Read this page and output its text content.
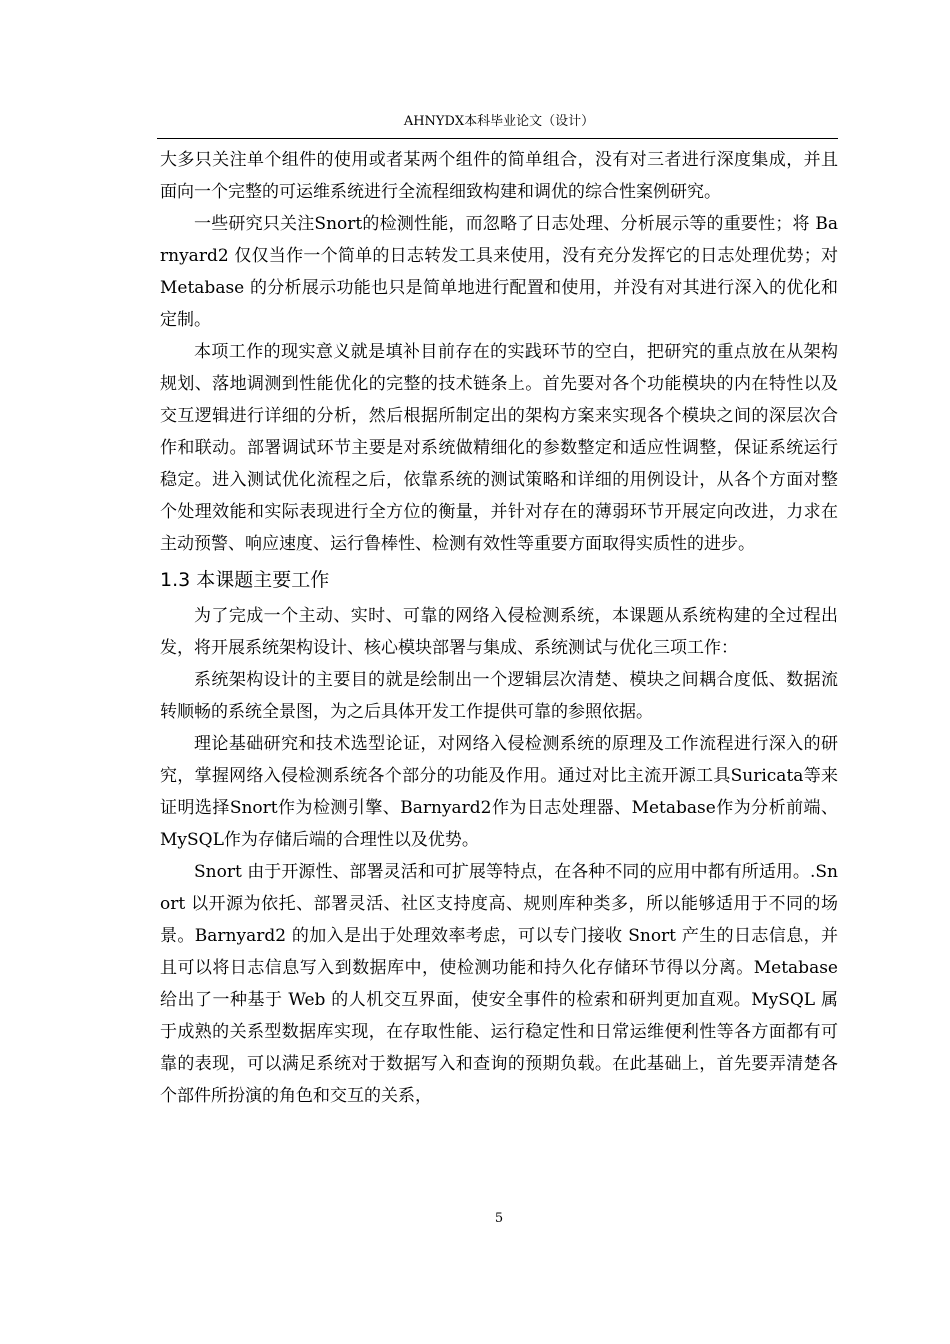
AHNYDX本科毕业论文（设计）

大多只关注单个组件的使用或者某两个组件的简单组合，没有对三者进行深度集成，并且面向一个完整的可运维系统进行全流程细致构建和调优的综合性案例研究。

一些研究只关注Snort的检测性能，而忽略了日志处理、分析展示等的重要性；将 Barnyard2 仅仅当作一个简单的日志转发工具来使用，没有充分发挥它的日志处理优势；对 Metabase 的分析展示功能也只是简单地进行配置和使用，并没有对其进行深入的优化和定制。

本项工作的现实意义就是填补目前存在的实践环节的空白，把研究的重点放在从架构规划、落地调测到性能优化的完整的技术链条上。首先要对各个功能模块的内在特性以及交互逻辑进行详细的分析，然后根据所制定出的架构方案来实现各个模块之间的深层次合作和联动。部署调试环节主要是对系统做精细化的参数整定和适应性调整，保证系统运行稳定。进入测试优化流程之后，依靠系统的测试策略和详细的用例设计，从各个方面对整个处理效能和实际表现进行全方位的衡量，并针对存在的薄弱环节开展定向改进，力求在主动预警、响应速度、运行鲁棒性、检测有效性等重要方面取得实质性的进步。

1.3 本课题主要工作

为了完成一个主动、实时、可靠的网络入侵检测系统，本课题从系统构建的全过程出发，将开展系统架构设计、核心模块部署与集成、系统测试与优化三项工作：

系统架构设计的主要目的就是绘制出一个逻辑层次清楚、模块之间耦合度低、数据流转顺畅的系统全景图，为之后具体开发工作提供可靠的参照依据。

理论基础研究和技术选型论证，对网络入侵检测系统的原理及工作流程进行深入的研究，掌握网络入侵检测系统各个部分的功能及作用。通过对比主流开源工具Suricata等来证明选择Snort作为检测引擎、Barnyard2作为日志处理器、Metabase作为分析前端、MySQL作为存储后端的合理性以及优势。

Snort 由于开源性、部署灵活和可扩展等特点，在各种不同的应用中都有所适用。.Snort 以开源为依托、部署灵活、社区支持度高、规则库种类多，所以能够适用于不同的场景。Barnyard2 的加入是出于处理效率考虑，可以专门接收 Snort 产生的日志信息，并且可以将日志信息写入到数据库中，使检测功能和持久化存储环节得以分离。Metabase 给出了一种基于 Web 的人机交互界面，使安全事件的检索和研判更加直观。MySQL 属于成熟的关系型数据库实现，在存取性能、运行稳定性和日常运维便利性等各方面都有可靠的表现，可以满足系统对于数据写入和查询的预期负载。在此基础上，首先要弄清楚各个部件所扮演的角色和交互的关系，

5
